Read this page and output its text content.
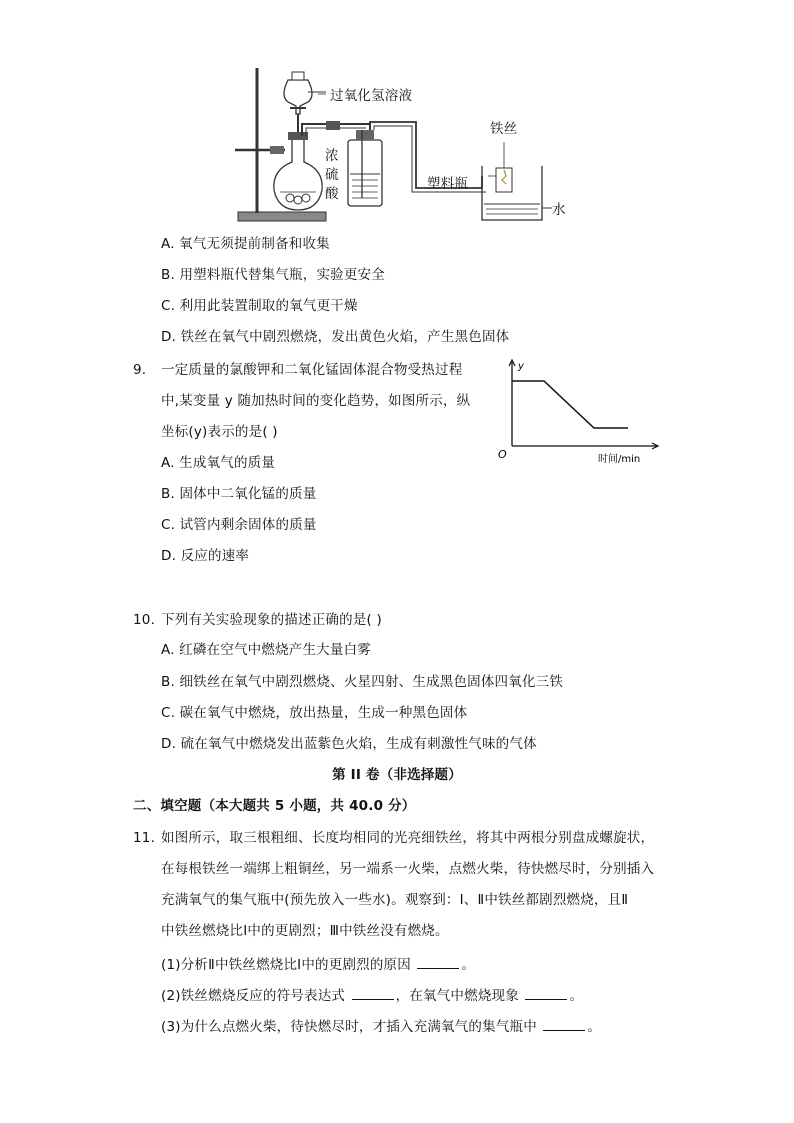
过氧化氢溶液
浓
硫
酸
铁丝
塑料瓶
水
A. 氧气无须提前制备和收集
B. 用塑料瓶代替集气瓶，实验更安全
C. 利用此装置制取的氧气更干燥
D. 铁丝在氧气中剧烈燃烧，发出黄色火焰，产生黑色固体
9. 一定质量的氯酸钾和二氧化锰固体混合物受热过程
中,某变量 y 随加热时间的变化趋势，如图所示，纵
坐标(y)表示的是( )
A. 生成氧气的质量
B. 固体中二氧化锰的质量
C. 试管内剩余固体的质量
D. 反应的速率
y
O	时间/min
10. 下列有关实验现象的描述正确的是( )
A. 红磷在空气中燃烧产生大量白雾
B. 细铁丝在氧气中剧烈燃烧、火星四射、生成黑色固体四氧化三铁
C. 碳在氧气中燃烧，放出热量，生成一种黑色固体
D. 硫在氧气中燃烧发出蓝紫色火焰，生成有刺激性气味的气体
第 II 卷（非选择题）
二、填空题（本大题共 5 小题，共 40.0 分）
11. 如图所示，取三根粗细、长度均相同的光亮细铁丝，将其中两根分别盘成螺旋状，
在每根铁丝一端绑上粗铜丝，另一端系一火柴，点燃火柴，待快燃尽时，分别插入
充满氧气的集气瓶中(预先放入一些水)。观察到：Ⅰ、Ⅱ中铁丝都剧烈燃烧，且Ⅱ
中铁丝燃烧比Ⅰ中的更剧烈；Ⅲ中铁丝没有燃烧。
(1)分析Ⅱ中铁丝燃烧比Ⅰ中的更剧烈的原因	。
(2)铁丝燃烧反应的符号表达式	，在氧气中燃烧现象	。
(3)为什么点燃火柴，待快燃尽时，才插入充满氧气的集气瓶中	。
